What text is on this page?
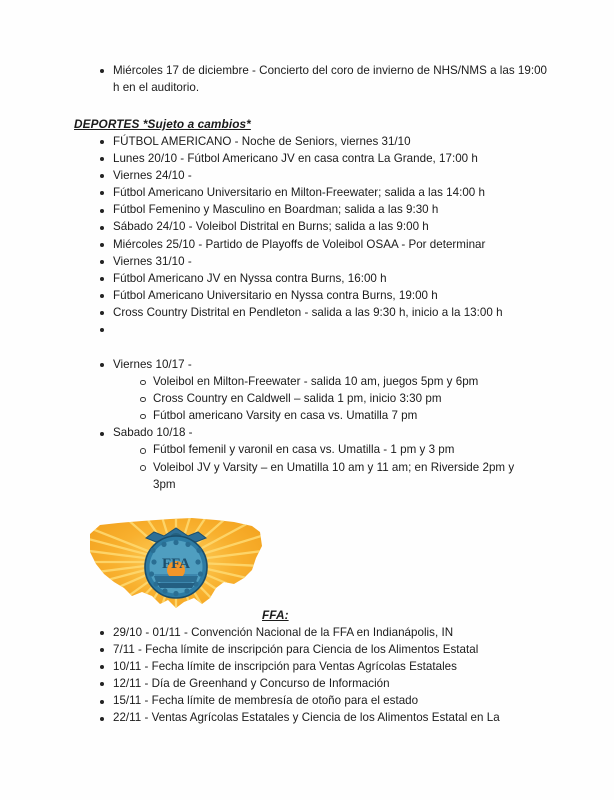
Miércoles 17 de diciembre - Concierto del coro de invierno de NHS/NMS a las 19:00 h en el auditorio.
DEPORTES *Sujeto a cambios*
FÚTBOL AMERICANO - Noche de Seniors, viernes 31/10
Lunes 20/10 - Fútbol Americano JV en casa contra La Grande, 17:00 h
Viernes 24/10 -
Fútbol Americano Universitario en Milton-Freewater; salida a las 14:00 h
Fútbol Femenino y Masculino en Boardman; salida a las 9:30 h
Sábado 24/10 - Voleibol Distrital en Burns; salida a las 9:00 h
Miércoles 25/10 - Partido de Playoffs de Voleibol OSAA - Por determinar
Viernes 31/10 -
Fútbol Americano JV en Nyssa contra Burns, 16:00 h
Fútbol Americano Universitario en Nyssa contra Burns, 19:00 h
Cross Country Distrital en Pendleton - salida a las 9:30 h, inicio a la 13:00 h
Viernes 10/17 -
Voleibol en Milton-Freewater - salida 10 am, juegos 5pm y 6pm
Cross Country en Caldwell – salida 1 pm, inicio 3:30 pm
Fútbol americano Varsity en casa vs. Umatilla 7 pm
Sabado 10/18 -
Fútbol femenil y varonil en casa vs. Umatilla - 1 pm y 3 pm
Voleibol JV y Varsity – en Umatilla 10 am y 11 am; en Riverside 2pm y 3pm
FFA
FFA:
29/10 - 01/11 - Convención Nacional de la FFA en Indianápolis, IN
7/11 - Fecha límite de inscripción para Ciencia de los Alimentos Estatal
10/11 - Fecha límite de inscripción para Ventas Agrícolas Estatales
12/11 - Día de Greenhand y Concurso de Información
15/11 - Fecha límite de membresía de otoño para el estado
22/11 - Ventas Agrícolas Estatales y Ciencia de los Alimentos Estatal en La
